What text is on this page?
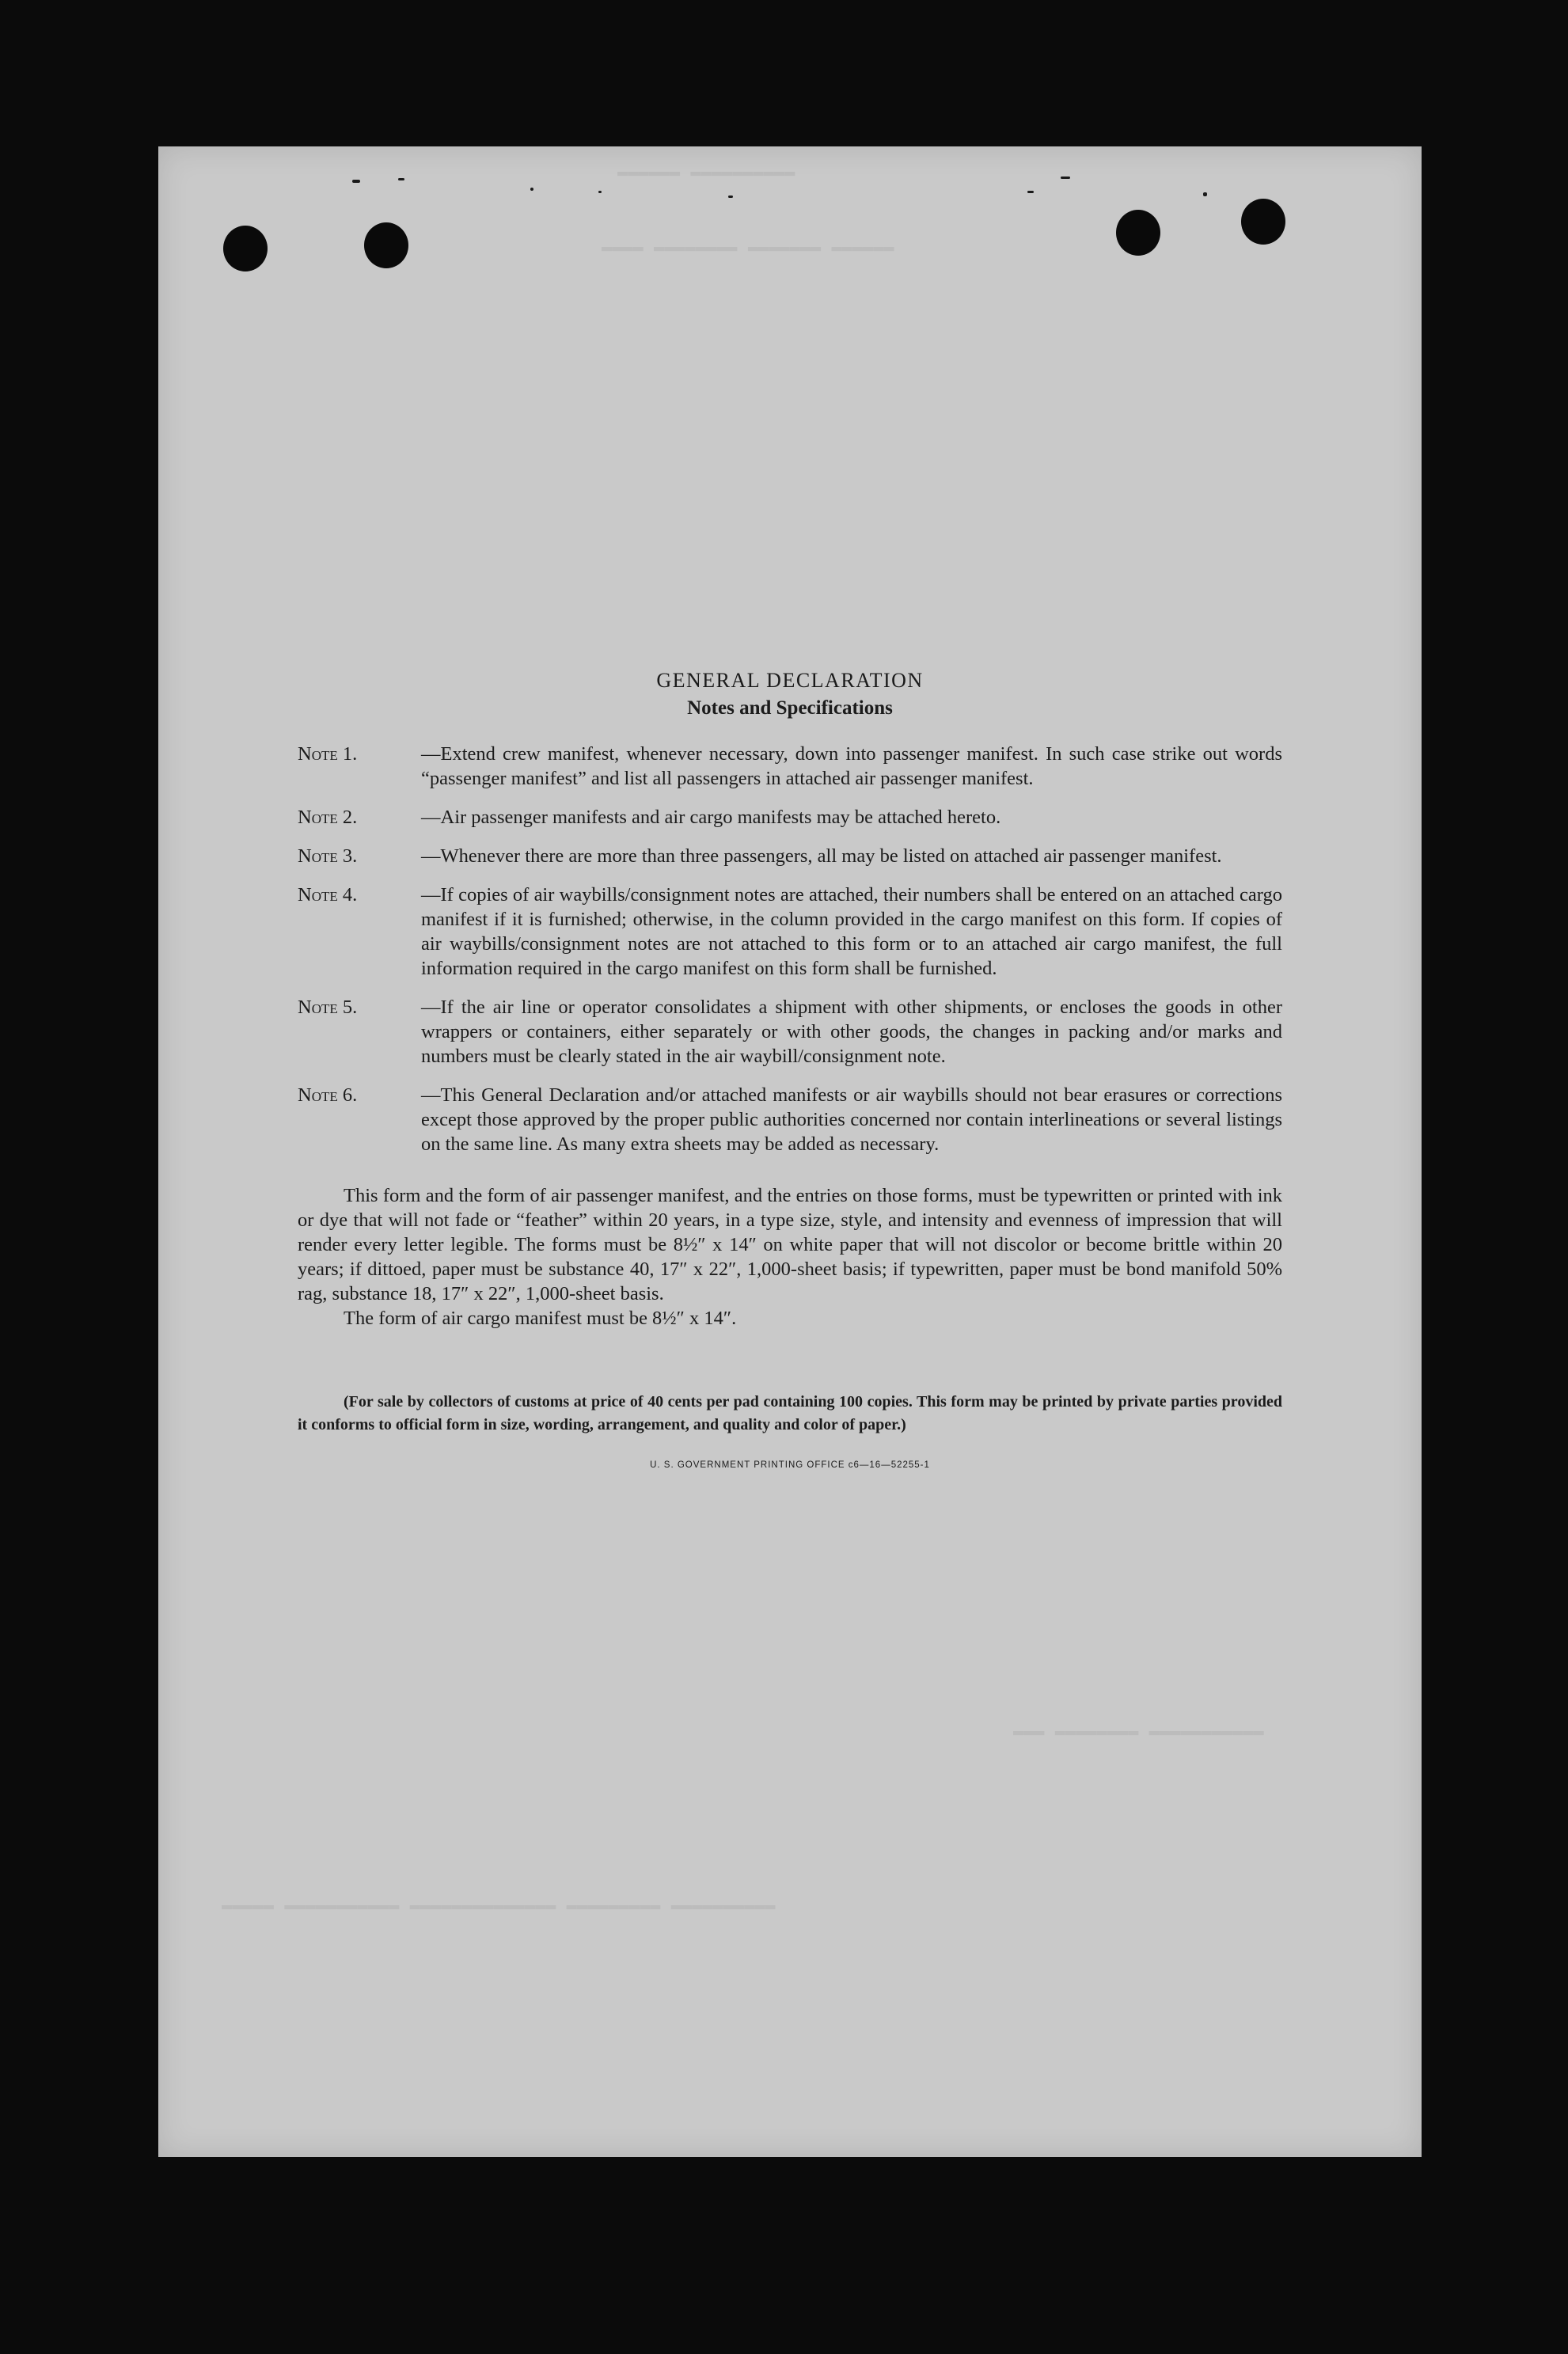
▬▬▬▬▬▬ ▬▬▬▬▬▬▬▬▬▬
▬▬▬▬ ▬▬▬▬▬▬▬▬ ▬▬▬▬▬▬▬ ▬▬▬▬▬▬
▬▬▬ ▬▬▬▬▬▬▬▬ ▬▬▬▬▬▬▬▬▬▬▬
▬▬▬▬▬ ▬▬▬▬▬▬▬▬▬▬▬ ▬▬▬▬▬▬▬▬▬▬▬▬▬▬ ▬▬▬▬▬▬▬▬▬ ▬▬▬▬▬▬▬▬▬▬
GENERAL DECLARATION
Notes and Specifications
Note 1.	—Extend crew manifest, whenever necessary, down into passenger manifest. In such case strike out words “passenger manifest” and list all passengers in attached air passenger manifest.
Note 2.	—Air passenger manifests and air cargo manifests may be attached hereto.
Note 3.	—Whenever there are more than three passengers, all may be listed on attached air passenger manifest.
Note 4.	—If copies of air waybills/consignment notes are attached, their numbers shall be entered on an attached cargo manifest if it is furnished; otherwise, in the column provided in the cargo manifest on this form. If copies of air waybills/consignment notes are not attached to this form or to an attached air cargo manifest, the full information required in the cargo manifest on this form shall be furnished.
Note 5.	—If the air line or operator consolidates a shipment with other shipments, or encloses the goods in other wrappers or containers, either separately or with other goods, the changes in packing and/or marks and numbers must be clearly stated in the air waybill/consignment note.
Note 6.	—This General Declaration and/or attached manifests or air waybills should not bear erasures or corrections except those approved by the proper public authorities concerned nor contain interlineations or several listings on the same line. As many extra sheets may be added as necessary.

This form and the form of air passenger manifest, and the entries on those forms, must be typewritten or printed with ink or dye that will not fade or “feather” within 20 years, in a type size, style, and intensity and evenness of impression that will render every letter legible. The forms must be 8½″ x 14″ on white paper that will not discolor or become brittle within 20 years; if dittoed, paper must be substance 40, 17″ x 22″, 1,000-sheet basis; if typewritten, paper must be bond manifold 50% rag, substance 18, 17″ x 22″, 1,000-sheet basis.

The form of air cargo manifest must be 8½″ x 14″.

(For sale by collectors of customs at price of 40 cents per pad containing 100 copies. This form may be printed by private parties provided it conforms to official form in size, wording, arrangement, and quality and color of paper.)

U. S. GOVERNMENT PRINTING OFFICE c6—16—52255-1
